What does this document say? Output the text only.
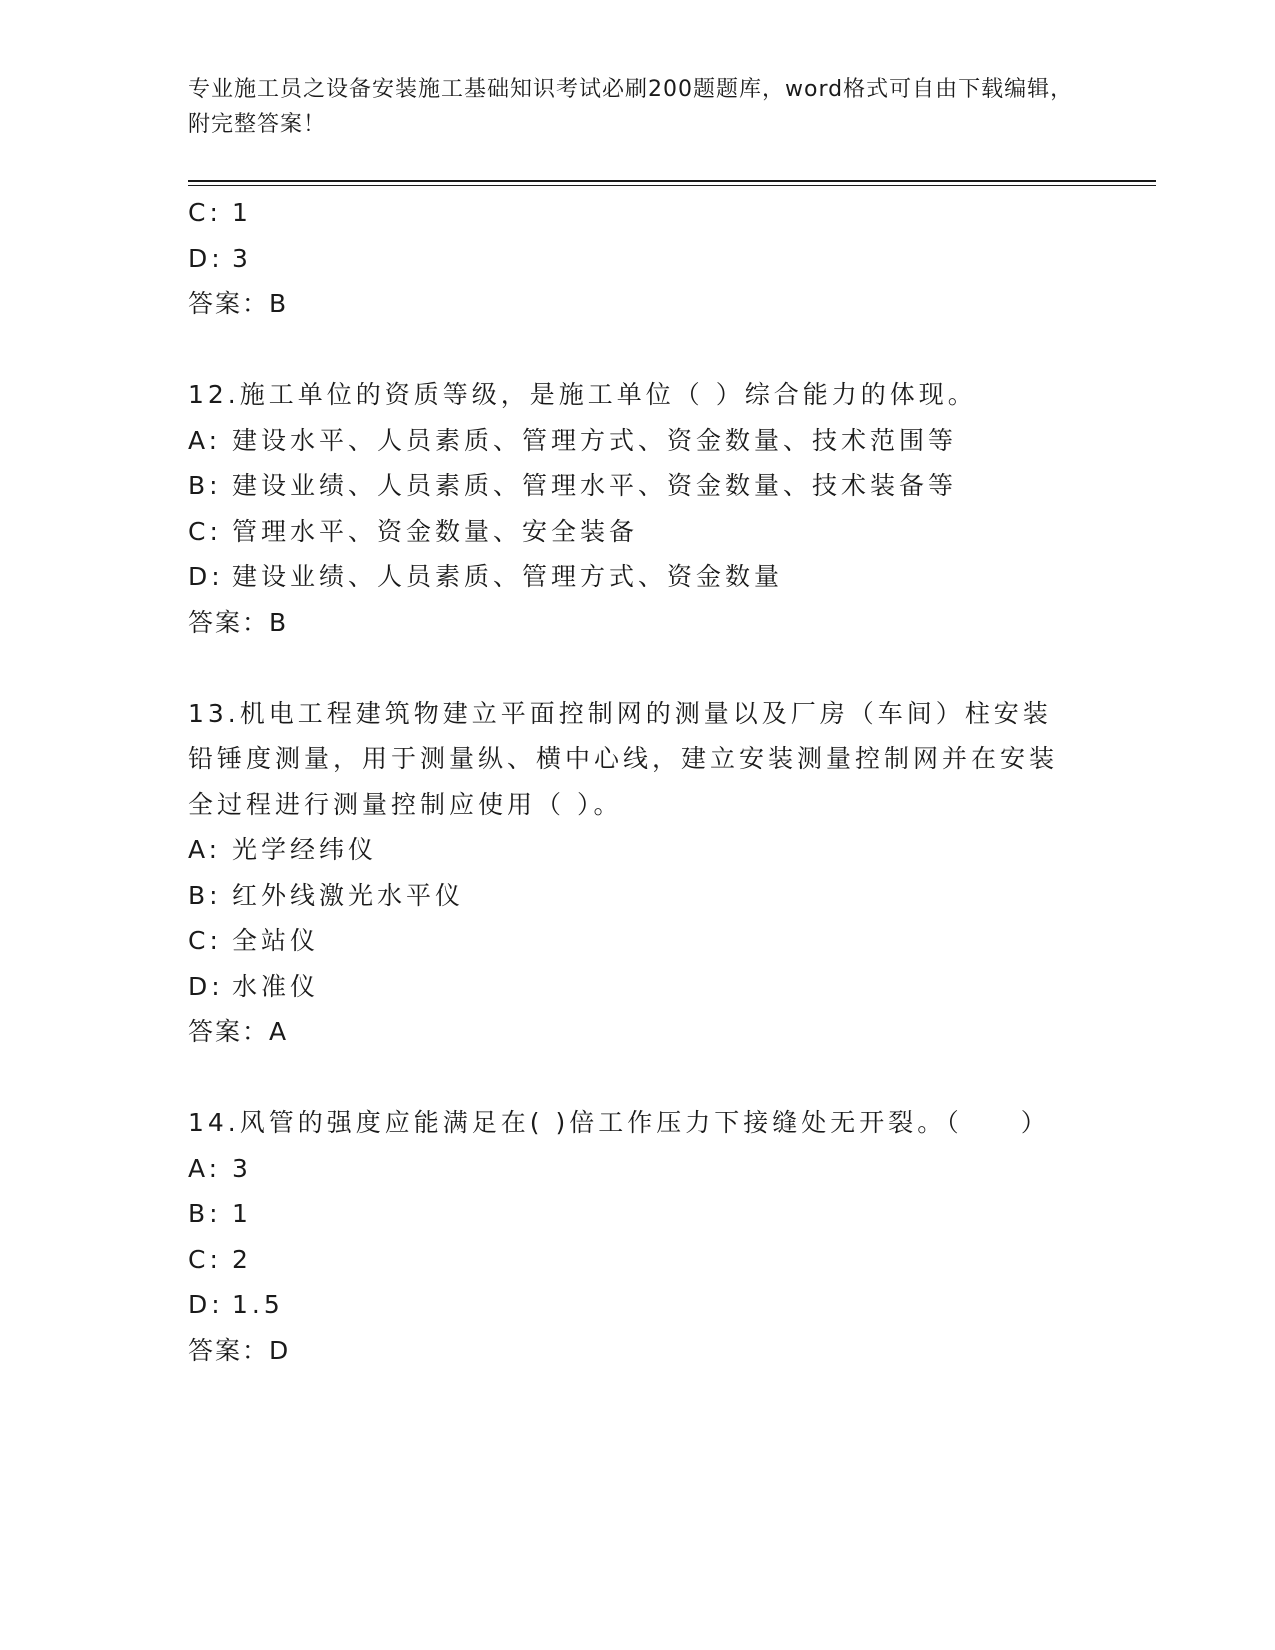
专业施工员之设备安装施工基础知识考试必刷200题题库，word格式可自由下载编辑，附完整答案！
C: 1
D: 3
答案：B
12.施工单位的资质等级，是施工单位（ ）综合能力的体现。
A: 建设水平、人员素质、管理方式、资金数量、技术范围等
B: 建设业绩、人员素质、管理水平、资金数量、技术装备等
C: 管理水平、资金数量、安全装备
D: 建设业绩、人员素质、管理方式、资金数量
答案：B
13.机电工程建筑物建立平面控制网的测量以及厂房（车间）柱安装铅锤度测量，用于测量纵、横中心线，建立安装测量控制网并在安装全过程进行测量控制应使用（ ）。
A: 光学经纬仪
B: 红外线激光水平仪
C: 全站仪
D: 水准仪
答案：A
14.风管的强度应能满足在( )倍工作压力下接缝处无开裂。（　　）
A: 3
B: 1
C: 2
D: 1.5
答案：D
